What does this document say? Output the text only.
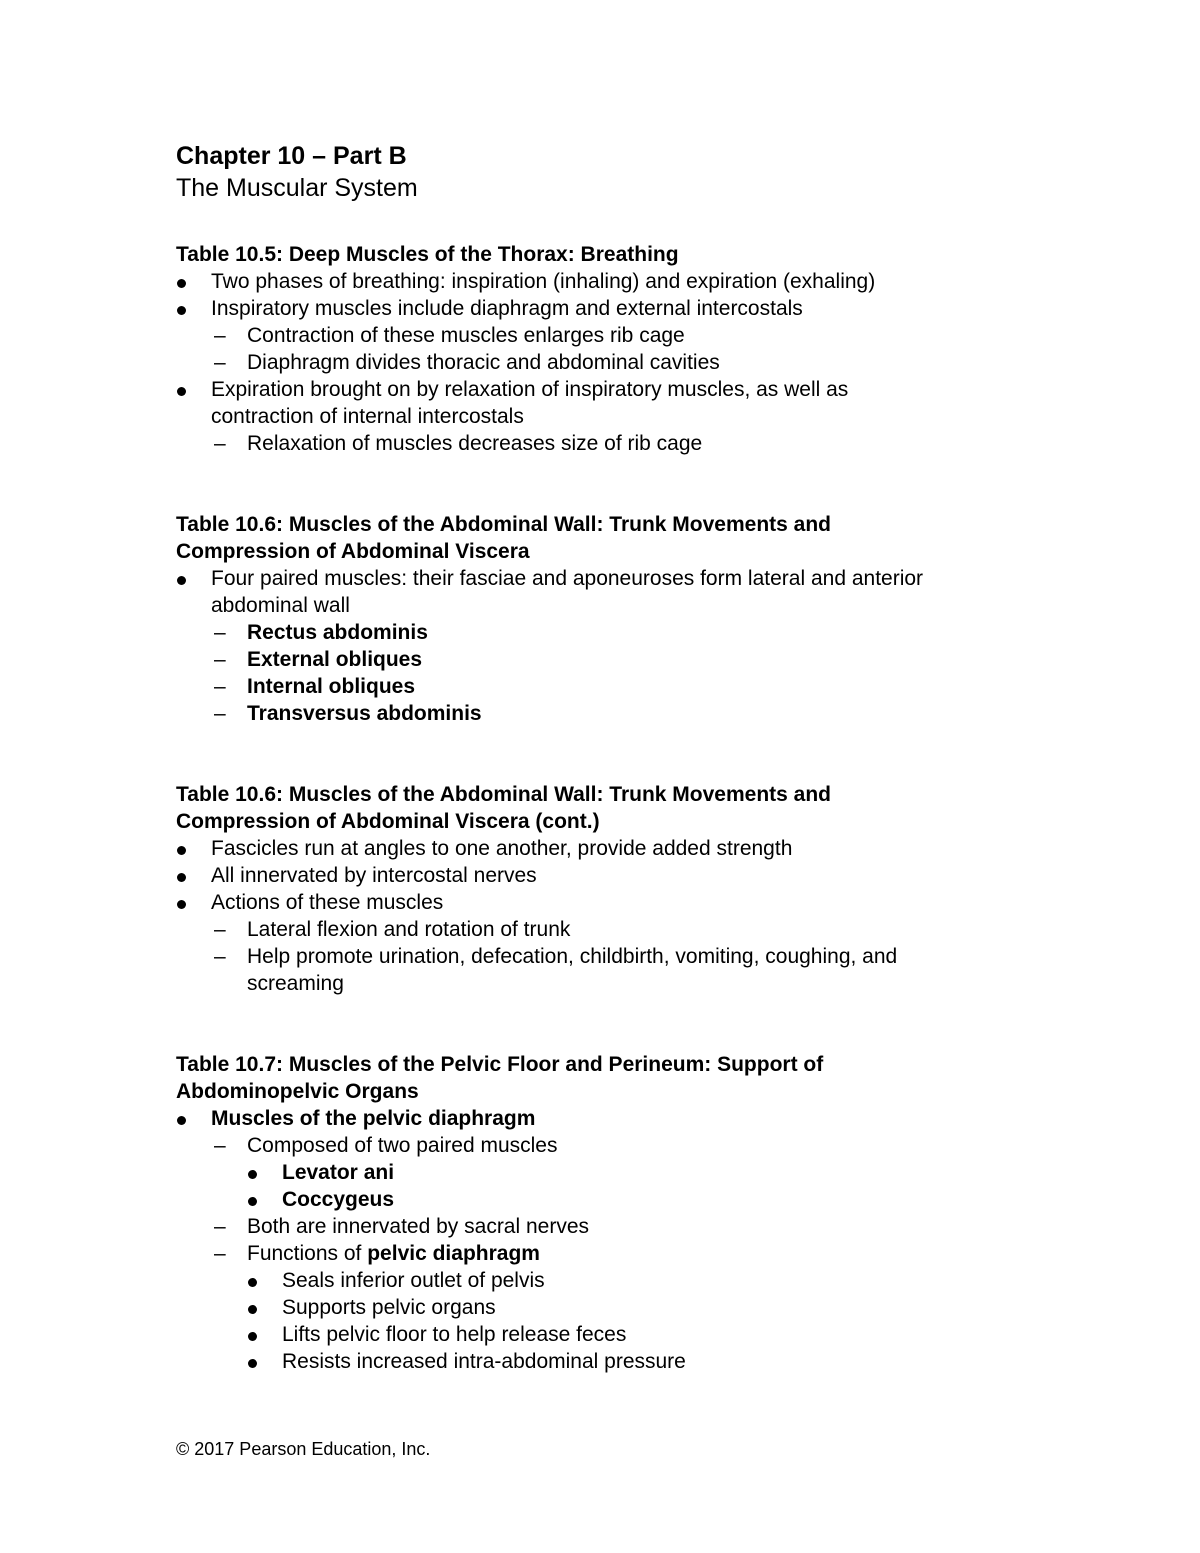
Chapter 10 – Part B
The Muscular System
Table 10.5: Deep Muscles of the Thorax: Breathing
Two phases of breathing: inspiration (inhaling) and expiration (exhaling)
Inspiratory muscles include diaphragm and external intercostals
–	Contraction of these muscles enlarges rib cage
–	Diaphragm divides thoracic and abdominal cavities
Expiration brought on by relaxation of inspiratory muscles, as well as
contraction of internal intercostals
–	Relaxation of muscles decreases size of rib cage
Table 10.6: Muscles of the Abdominal Wall: Trunk Movements and
Compression of Abdominal Viscera
Four paired muscles: their fasciae and aponeuroses form lateral and anterior
abdominal wall
–	Rectus abdominis
–	External obliques
–	Internal obliques
–	Transversus abdominis
Table 10.6: Muscles of the Abdominal Wall: Trunk Movements and
Compression of Abdominal Viscera (cont.)
Fascicles run at angles to one another, provide added strength
All innervated by intercostal nerves
Actions of these muscles
–	Lateral flexion and rotation of trunk
–	Help promote urination, defecation, childbirth, vomiting, coughing, and
screaming
Table 10.7: Muscles of the Pelvic Floor and Perineum: Support of
Abdominopelvic Organs
Muscles of the pelvic diaphragm
–	Composed of two paired muscles
Levator ani
Coccygeus
–	Both are innervated by sacral nerves
–	Functions of pelvic diaphragm
Seals inferior outlet of pelvis
Supports pelvic organs
Lifts pelvic floor to help release feces
Resists increased intra-abdominal pressure
© 2017 Pearson Education, Inc.
